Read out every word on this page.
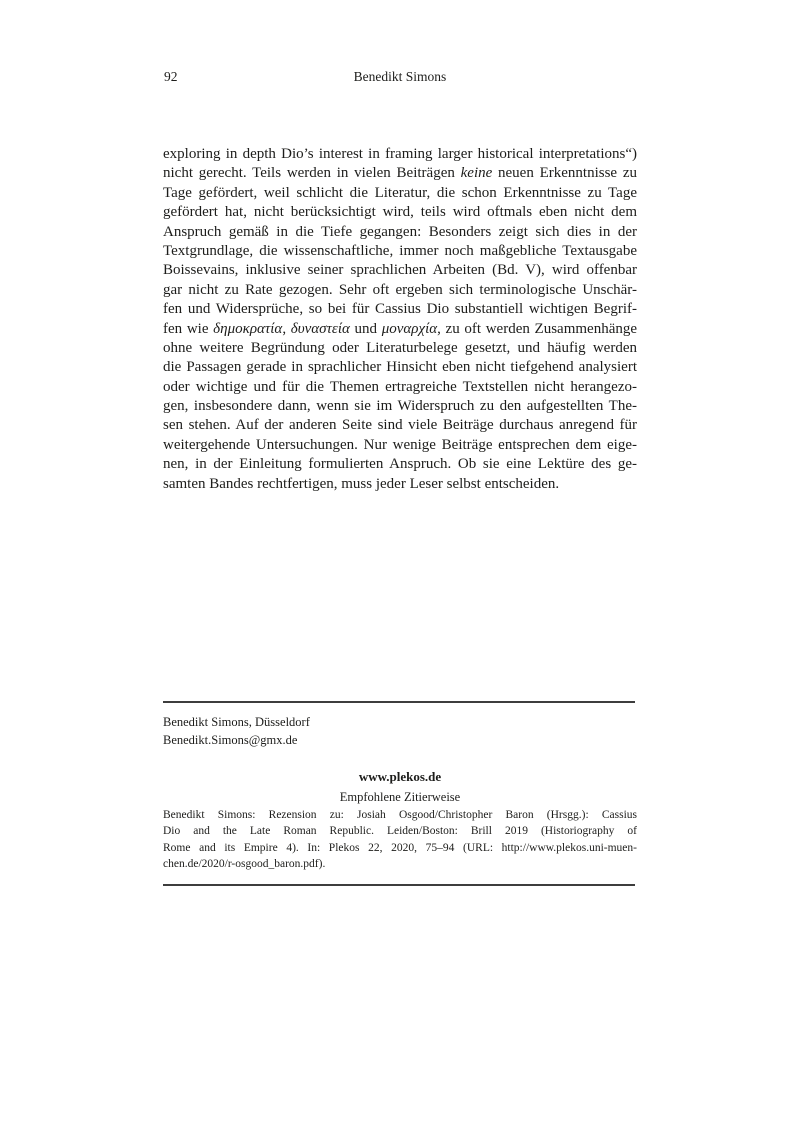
92	Benedikt Simons
exploring in depth Dio’s interest in framing larger historical interpretations“)
nicht gerecht. Teils werden in vielen Beiträgen keine neuen Erkenntnisse zu
Tage gefördert, weil schlicht die Literatur, die schon Erkenntnisse zu Tage
gefördert hat, nicht berücksichtigt wird, teils wird oftmals eben nicht dem
Anspruch gemäß in die Tiefe gegangen: Besonders zeigt sich dies in der
Textgrundlage, die wissenschaftliche, immer noch maßgebliche Textausgabe
Boissevains, inklusive seiner sprachlichen Arbeiten (Bd. V), wird offenbar
gar nicht zu Rate gezogen. Sehr oft ergeben sich terminologische Unschär-
fen und Widersprüche, so bei für Cassius Dio substantiell wichtigen Begrif-
fen wie δημοκρατία, δυναστεία und μοναρχία, zu oft werden Zusammenhänge
ohne weitere Begründung oder Literaturbelege gesetzt, und häufig werden
die Passagen gerade in sprachlicher Hinsicht eben nicht tiefgehend analysiert
oder wichtige und für die Themen ertragreiche Textstellen nicht herangezo-
gen, insbesondere dann, wenn sie im Widerspruch zu den aufgestellten The-
sen stehen. Auf der anderen Seite sind viele Beiträge durchaus anregend für
weitergehende Untersuchungen. Nur wenige Beiträge entsprechen dem eige-
nen, in der Einleitung formulierten Anspruch. Ob sie eine Lektüre des ge-
samten Bandes rechtfertigen, muss jeder Leser selbst entscheiden.
Benedikt Simons, Düsseldorf
Benedikt.Simons@gmx.de
www.plekos.de
Empfohlene Zitierweise
Benedikt Simons: Rezension zu: Josiah Osgood/Christopher Baron (Hrsgg.): Cassius
Dio and the Late Roman Republic. Leiden/Boston: Brill 2019 (Historiography of
Rome and its Empire 4). In: Plekos 22, 2020, 75–94 (URL: http://www.plekos.uni-muen-
chen.de/2020/r-osgood_baron.pdf).
